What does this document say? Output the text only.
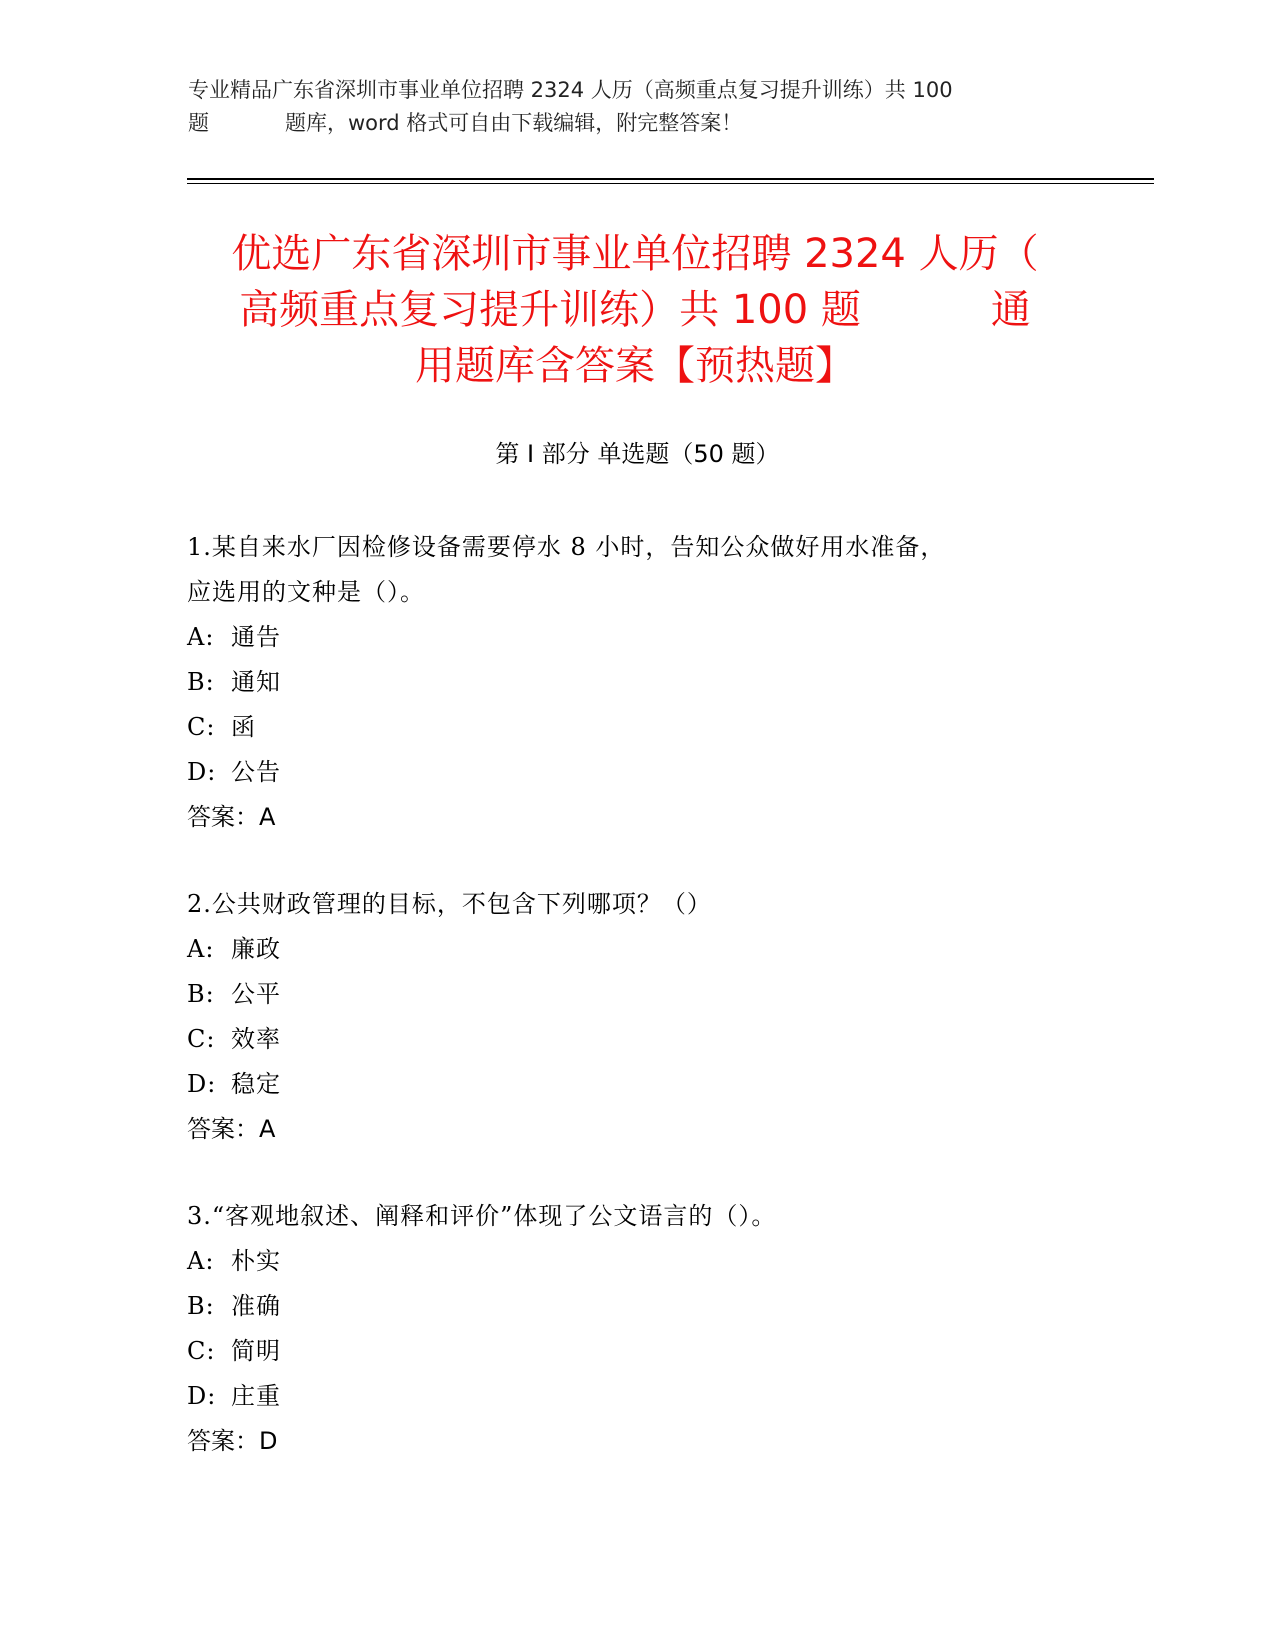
专业精品广东省深圳市事业单位招聘 2324 人历（高频重点复习提升训练）共 100
题	题库，word 格式可自由下载编辑，附完整答案！
优选广东省深圳市事业单位招聘 2324 人历（
高频重点复习提升训练）共 100 题	通
用题库含答案【预热题】
第 I 部分 单选题（50 题）
1.某自来水厂因检修设备需要停水 8 小时，告知公众做好用水准备，
应选用的文种是（）。
A: 通告
B: 通知
C: 函
D: 公告
答案：A
2.公共财政管理的目标，不包含下列哪项？（）
A: 廉政
B: 公平
C: 效率
D: 稳定
答案：A
3.“客观地叙述、阐释和评价”体现了公文语言的（）。
A: 朴实
B: 准确
C: 简明
D: 庄重
答案：D
